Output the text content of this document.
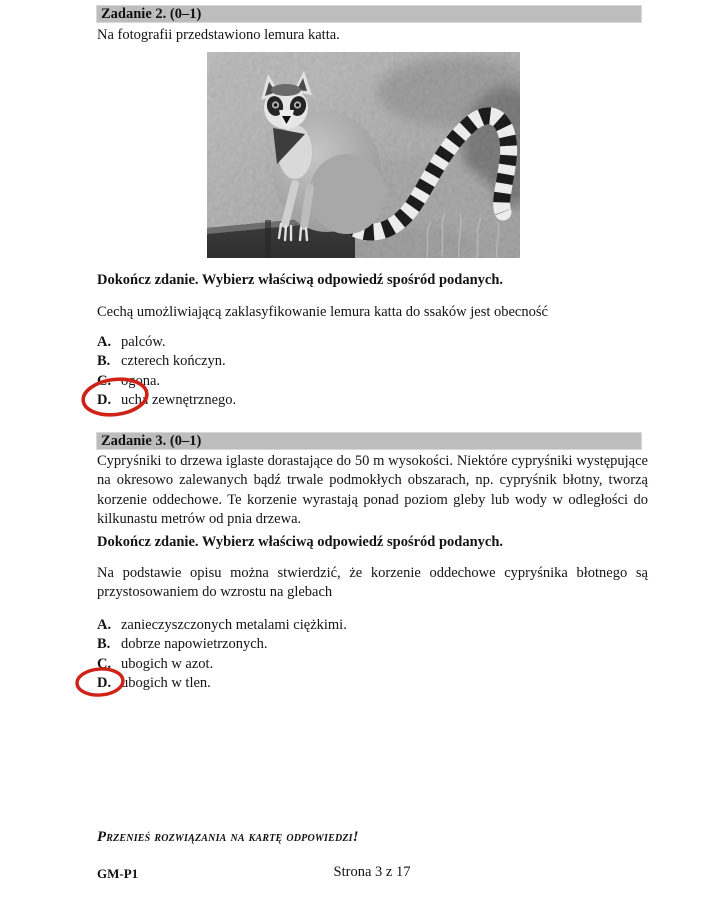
Zadanie 2. (0–1)
Na fotografii przedstawiono lemura katta.
Dokończ zdanie. Wybierz właściwą odpowiedź spośród podanych.
Cechą umożliwiającą zaklasyfikowanie lemura katta do ssaków jest obecność
A. palców.
B. czterech kończyn.
C. ogona.
D. ucha zewnętrznego.
Zadanie 3. (0–1)
Cypryśniki to drzewa iglaste dorastające do 50 m wysokości. Niektóre cypryśniki występujące na okresowo zalewanych bądź trwale podmokłych obszarach, np. cypryśnik błotny, tworzą korzenie oddechowe. Te korzenie wyrastają ponad poziom gleby lub wody w odległości do kilkunastu metrów od pnia drzewa.
Dokończ zdanie. Wybierz właściwą odpowiedź spośród podanych.
Na podstawie opisu można stwierdzić, że korzenie oddechowe cypryśnika błotnego są przystosowaniem do wzrostu na glebach
A. zanieczyszczonych metalami ciężkimi.
B. dobrze napowietrzonych.
C. ubogich w azot.
D. ubogich w tlen.
Przenieś rozwiązania na kartę odpowiedzi!
GM-P1	Strona 3 z 17
